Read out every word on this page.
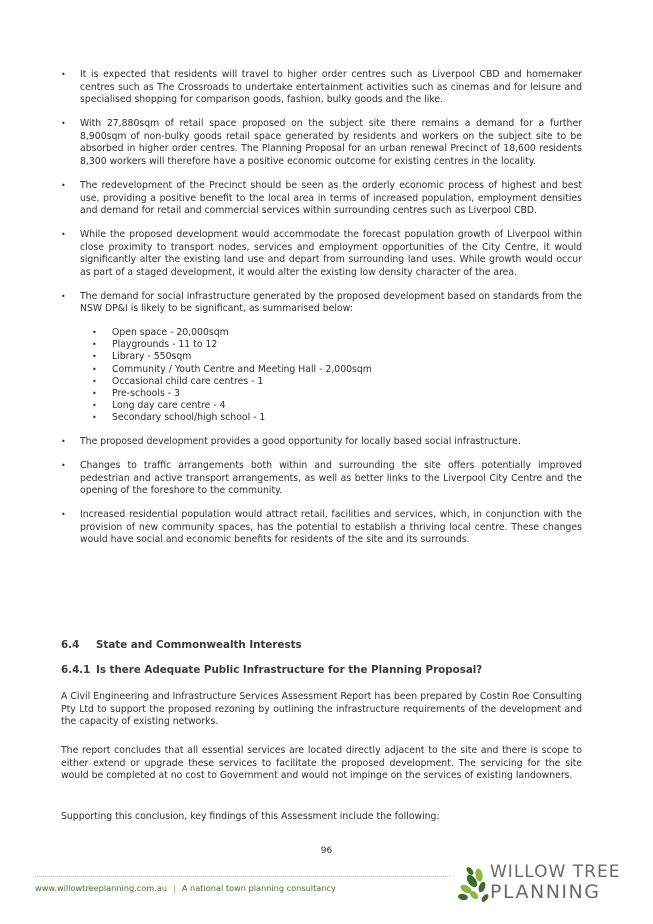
• It is expected that residents will travel to higher order centres such as Liverpool CBD and homemaker centres such as The Crossroads to undertake entertainment activities such as cinemas and for leisure and specialised shopping for comparison goods, fashion, bulky goods and the like.
• With 27,880sqm of retail space proposed on the subject site there remains a demand for a further 8,900sqm of non-bulky goods retail space generated by residents and workers on the subject site to be absorbed in higher order centres. The Planning Proposal for an urban renewal Precinct of 18,600 residents 8,300 workers will therefore have a positive economic outcome for existing centres in the locality.
• The redevelopment of the Precinct should be seen as the orderly economic process of highest and best use, providing a positive benefit to the local area in terms of increased population, employment densities and demand for retail and commercial services within surrounding centres such as Liverpool CBD.
• While the proposed development would accommodate the forecast population growth of Liverpool within close proximity to transport nodes, services and employment opportunities of the City Centre, it would significantly alter the existing land use and depart from surrounding land uses. While growth would occur as part of a staged development, it would alter the existing low density character of the area.
• The demand for social infrastructure generated by the proposed development based on standards from the NSW DP&I is likely to be significant, as summarised below:
• Open space - 20,000sqm
• Playgrounds - 11 to 12
• Library - 550sqm
• Community / Youth Centre and Meeting Hall - 2,000sqm
• Occasional child care centres - 1
• Pre-schools - 3
• Long day care centre - 4
• Secondary school/high school - 1
• The proposed development provides a good opportunity for locally based social infrastructure.
• Changes to traffic arrangements both within and surrounding the site offers potentially improved pedestrian and active transport arrangements, as well as better links to the Liverpool City Centre and the opening of the foreshore to the community.
• Increased residential population would attract retail, facilities and services, which, in conjunction with the provision of new community spaces, has the potential to establish a thriving local centre. These changes would have social and economic benefits for residents of the site and its surrounds.
6.4 State and Commonwealth Interests
6.4.1 Is there Adequate Public Infrastructure for the Planning Proposal?
A Civil Engineering and Infrastructure Services Assessment Report has been prepared by Costin Roe Consulting Pty Ltd to support the proposed rezoning by outlining the infrastructure requirements of the development and the capacity of existing networks.
The report concludes that all essential services are located directly adjacent to the site and there is scope to either extend or upgrade these services to facilitate the proposed development. The servicing for the site would be completed at no cost to Government and would not impinge on the services of existing landowners.
Supporting this conclusion, key findings of this Assessment include the following:
96
www.willowtreeplanning.com.au | A national town planning consultancy
WILLOW TREE
PLANNING
